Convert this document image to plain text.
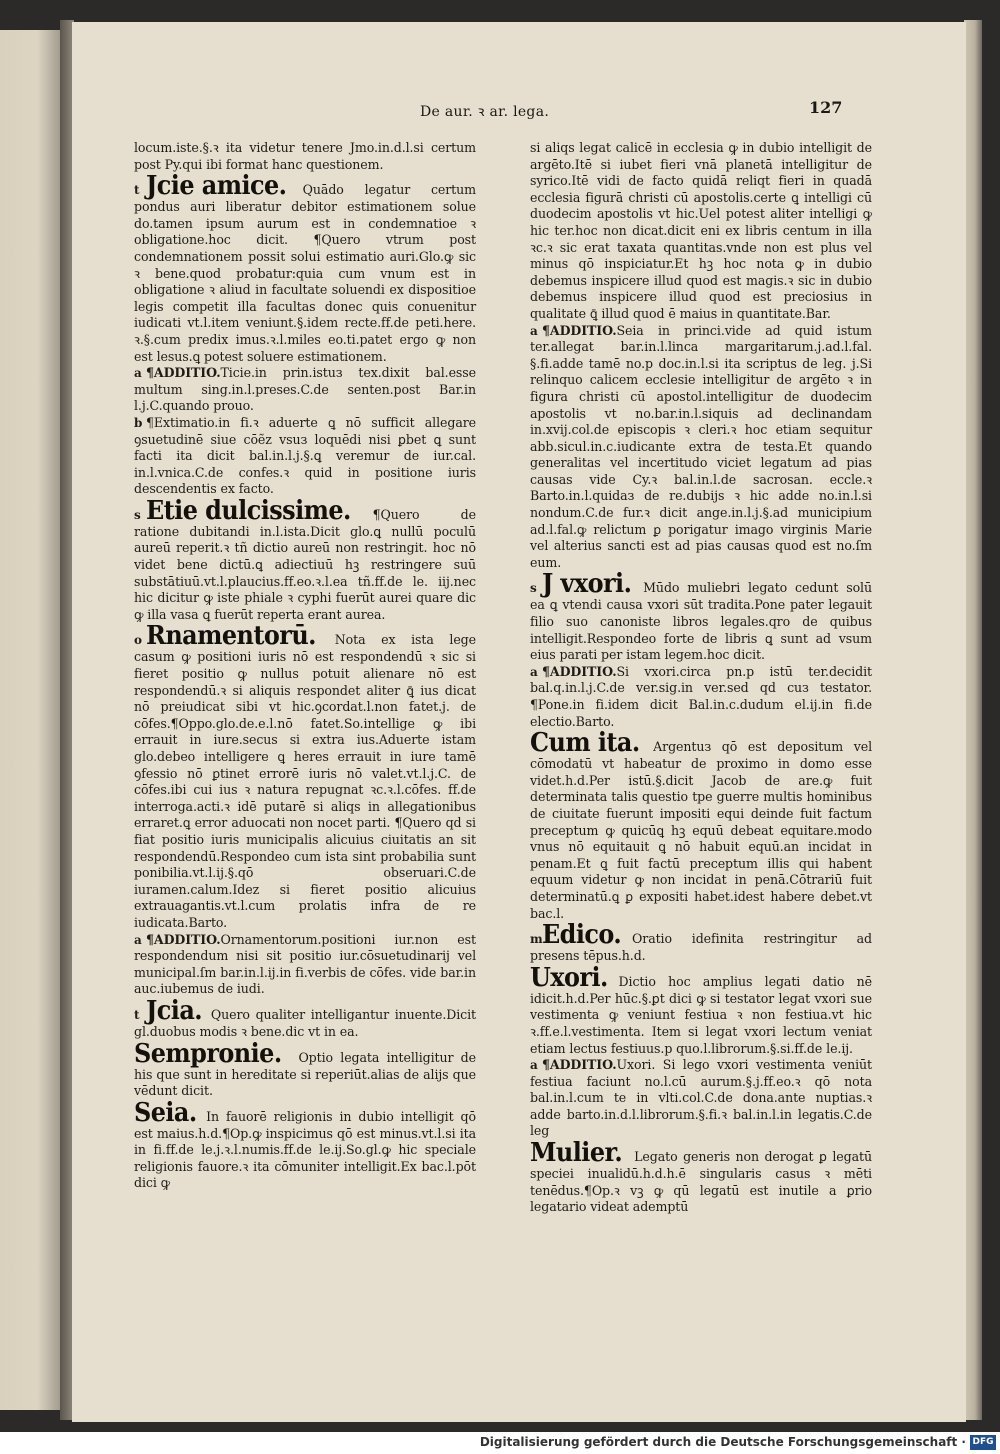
De aur. ꝛ ar. lega.	127
locum.iste.§.ꝛ ita videtur tenere Jmo.in.d.l.si certum post Py.qui ibi format hanc questionem.
t Jcie amice. Quādo legatur certum pondus auri liberatur debitor estimationem solue do.tamen ipsum aurum est in condemnatioe ꝛ obligatione.hoc dicit. ¶Quero vtrum post condemnationem possit solui estimatio auri.Glo.ꝙ sic ꝛ bene.quod probatur:quia cum vnum est in obligatione ꝛ aliud in facultate soluendi ex dispositioe legis competit illa facultas donec quis conuenitur iudicati vt.l.item veniunt.§.idem recte.ff.de peti.here. ꝛ.§.cum predix imus.ꝛ.l.miles eo.ti.patet ergo ꝙ non est lesus.ꝗ potest soluere estimationem.
a ¶ADDITIO.Ticie.in prin.istuз tex.dixit bal.esse multum sing.in.l.preses.C.de senten.post Bar.in l.j.C.quando prouo.
b ¶Extimatio.in fi.ꝛ aduerte ꝗ nō sufficit allegare ꝯsuetudinē siue cōẽz vsuз loquēdi nisi ꝑbet ꝗ sunt facti ita dicit bal.in.l.j.§.ꝗ veremur de iur.cal. in.l.vnica.C.de confes.ꝛ quid in positione iuris descendentis ex facto.
s Etie dulcissime. ¶Quero de ratione dubitandi in.l.ista.Dicit glo.ꝗ nullū poculū aureū reperit.ꝛ tñ dictio aureū non restringit. hoc nō videt bene dictū.ꝗ adiectiuū hꝫ restringere suū substātiuū.vt.l.plaucius.ff.eo.ꝛ.l.ea tñ.ff.de le. iij.nec hic dicitur ꝙ iste phiale ꝛ cyphi fuerūt aurei quare dic ꝙ illa vasa ꝗ fuerūt reperta erant aurea.
o Rnamentorū. Nota ex ista lege casum ꝙ positioni iuris nō est respondendū ꝛ sic si fieret positio ꝙ nullus potuit alienare nō est respondendū.ꝛ si aliquis respondet aliter ꝗ̄ ius dicat nō preiudicat sibi vt hic.ꝯcordat.l.non fatet.j. de cōfes.¶Oppo.glo.de.e.l.nō fatet.So.intellige ꝙ ibi errauit in iure.secus si extra ius.Aduerte istam glo.debeo intelligere ꝗ heres errauit in iure tamē ꝯfessio nō ꝑtinet errorē iuris nō valet.vt.l.j.C. de cōfes.ibi cui ius ꝛ natura repugnat ꝛc.ꝛ.l.cōfes. ff.de interroga.acti.ꝛ idē putarē si aliqs in allegationibus erraret.ꝗ error aduocati non nocet parti. ¶Quero qd si fiat positio iuris municipalis alicuius ciuitatis an sit respondendū.Respondeo cum ista sint probabilia sunt ponibilia.vt.l.ij.§.qō obseruari.C.de iuramen.calum.Idez si fieret positio alicuius extrauagantis.vt.l.cum prolatis infra de re iudicata.Barto.
a ¶ADDITIO.Ornamentorum.positioni iur.non est respondendum nisi sit positio iur.cōsuetudinarij vel municipal.ſm bar.in.l.ij.in fi.verbis de cōfes. vide bar.in auc.iubemus de iudi.
t Jcia. Quero qualiter intelligantur inuente.Dicit gl.duobus modis ꝛ bene.dic vt in ea.
Sempronie. Optio legata intelligitur de his que sunt in hereditate si reperiūt.alias de alijs que vēdunt dicit.
Seia. In fauorē religionis in dubio intelligit qō est maius.h.d.¶Op.ꝙ inspicimus qō est minus.vt.l.si ita in fi.ff.de le.j.ꝛ.l.numis.ff.de le.ij.So.gl.ꝙ hic speciale religionis fauore.ꝛ ita cōmuniter intelligit.Ex bac.l.pōt dici ꝙ
si aliqs legat calicē in ecclesia ꝙ in dubio intelligit de argēto.Itē si iubet fieri vnā planetā intelligitur de syrico.Itē vidi de facto quidā reliqt fieri in quadā ecclesia figurā christi cū apostolis.certe ꝗ intelligi cū duodecim apostolis vt hic.Uel potest aliter intelligi ꝙ hic ter.hoc non dicat.dicit eni ex libris centum in illa ꝛc.ꝛ sic erat taxata quantitas.vnde non est plus vel minus qō inspiciatur.Et hꝫ hoc nota ꝙ in dubio debemus inspicere illud quod est magis.ꝛ sic in dubio debemus inspicere illud quod est preciosius in qualitate ꝗ̄ illud quod ē maius in quantitate.Bar.
a ¶ADDITIO.Seia in princi.vide ad quid istum ter.allegat bar.in.l.linca margaritarum.j.ad.l.fal. §.fi.adde tamē no.p doc.in.l.si ita scriptus de leg. j.Si relinquo calicem ecclesie intelligitur de argēto ꝛ in figura christi cū apostol.intelligitur de duodecim apostolis vt no.bar.in.l.siquis ad declinandam in.xvij.col.de episcopis ꝛ cleri.ꝛ hoc etiam sequitur abb.sicul.in.c.iudicante extra de testa.Et quando generalitas vel incertitudo viciet legatum ad pias causas vide Cy.ꝛ bal.in.l.de sacrosan. eccle.ꝛ Barto.in.l.quidaз de re.dubijs ꝛ hic adde no.in.l.si nondum.C.de fur.ꝛ dicit ange.in.l.j.§.ad municipium ad.l.fal.ꝙ relictum ꝑ porigatur imago virginis Marie vel alterius sancti est ad pias causas quod est no.ſm eum.
s J vxori. Mūdo muliebri legato cedunt solū ea ꝗ vtendi causa vxori sūt tradita.Pone pater legauit filio suo canoniste libros legales.qro de quibus intelligit.Respondeo forte de libris ꝗ sunt ad vsum eius parati per istam legem.hoc dicit.
a ¶ADDITIO.Si vxori.circa pn.p istū ter.decidit bal.q.in.l.j.C.de ver.sig.in ver.sed qd cuз testator. ¶Pone.in fi.idem dicit Bal.in.c.dudum el.ij.in fi.de electio.Barto.
Cum ita. Argentuз qō est depositum vel cōmodatū vt habeatur de proximo in domo esse videt.h.d.Per istū.§.dicit Jacob de are.ꝙ fuit determinata talis questio tpe guerre multis hominibus de ciuitate fuerunt impositi equi deinde fuit factum preceptum ꝙ quicūꝗ hꝫ equū debeat equitare.modo vnus nō equitauit ꝗ nō habuit equū.an incidat in penam.Et ꝗ fuit factū preceptum illis qui habent equum videtur ꝙ non incidat in penā.Cōtrariū fuit determinatū.ꝗ ꝑ expositi habet.idest habere debet.vt bac.l.
mEdico. Oratio idefinita restringitur ad presens tēpus.h.d.
Uxori. Dictio hoc amplius legati datio nē idicit.h.d.Per hūc.§.ꝑt dici ꝙ si testator legat vxori sue vestimenta ꝙ veniunt festiua ꝛ non festiua.vt hic ꝛ.ff.e.l.vestimenta. Item si legat vxori lectum veniat etiam lectus festiuus.p quo.l.librorum.§.si.ff.de le.ij.
a ¶ADDITIO.Uxori. Si lego vxori vestimenta veniūt festiua faciunt no.l.cū aurum.§.j.ff.eo.ꝛ qō nota bal.in.l.cum te in vlti.col.C.de dona.ante nuptias.ꝛ adde barto.in.d.l.librorum.§.fi.ꝛ bal.in.l.in legatis.C.de leg
Mulier. Legato generis non derogat ꝑ legatū speciei inualidū.h.d.h.ē singularis casus ꝛ mēti tenēdus.¶Op.ꝛ vꝫ ꝙ qū legatū est inutile a ꝑrio legatario videat ademptū
Digitalisierung gefördert durch die Deutsche Forschungsgemeinschaft · DFG
